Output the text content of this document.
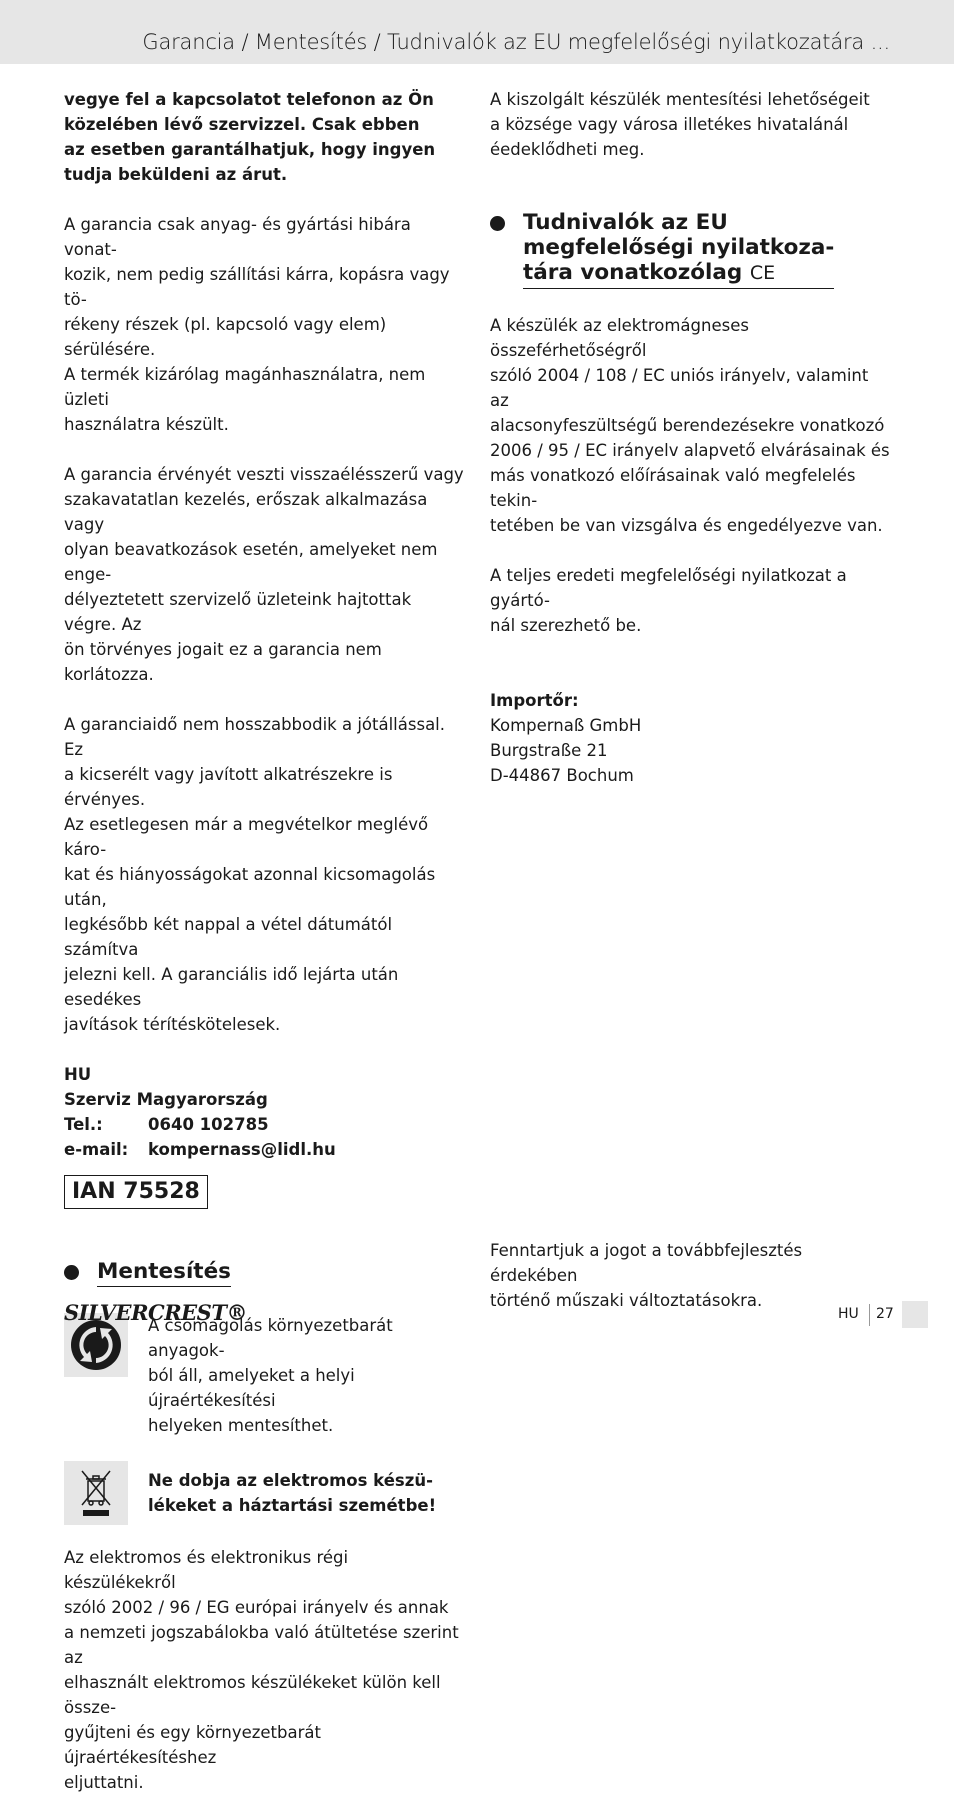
Garancia / Mentesítés / Tudnivalók az EU megfelelőségi nyilatkozatára ...

vegye fel a kapcsolatot telefonon az Ön

közelében lévő szervizzel. Csak ebben

az esetben garantálhatjuk, hogy ingyen

tudja beküldeni az árut.

A garancia csak anyag- és gyártási hibára vonat-

kozik, nem pedig szállítási kárra, kopásra vagy tö-

rékeny részek (pl. kapcsoló vagy elem) sérülésére.

A termék kizárólag magánhasználatra, nem üzleti

használatra készült.

A garancia érvényét veszti visszaélésszerű vagy

szakavatatlan kezelés, erőszak alkalmazása vagy

olyan beavatkozások esetén, amelyeket nem enge-

délyeztetett szervizelő üzleteink hajtottak végre. Az

ön törvényes jogait ez a garancia nem korlátozza.

A garanciaidő nem hosszabbodik a jótállással. Ez

a kicserélt vagy javított alkatrészekre is érvényes.

Az esetlegesen már a megvételkor meglévő káro-

kat és hiányosságokat azonnal kicsomagolás után,

legkésőbb két nappal a vétel dátumától számítva

jelezni kell. A garanciális idő lejárta után esedékes

javítások térítéskötelesek.

HU

Szerviz Magyarország

Tel.:	0640 102785
e-mail:	kompernass@lidl.hu
IAN 75528
Mentesítés

A csomagolás környezetbarát anyagok-

ból áll, amelyeket a helyi újraértékesítési

helyeken mentesíthet.

Ne dobja az elektromos készü-

lékeket a háztartási szemétbe!

Az elektromos és elektronikus régi készülékekről

szóló 2002 / 96 / EG európai irányelv és annak

a nemzeti jogszabálokba való átültetése szerint az

elhasznált elektromos készülékeket külön kell össze-

gyűjteni és egy környezetbarát újraértékesítéshez

eljuttatni.

A kiszolgált készülék mentesítési lehetőségeit

a községe vagy városa illetékes hivatalánál

éedeklődheti meg.

Tudnivalók az EU
megfelelőségi nyilatkoza-
tára vonatkozólag CE

A készülék az elektromágneses összeférhetőségről

szóló 2004 / 108 / EC uniós irányelv, valamint az

alacsonyfeszültségű berendezésekre vonatkozó

2006 / 95 / EC irányelv alapvető elvárásainak és

más vonatkozó előírásainak való megfelelés tekin-

tetében be van vizsgálva és engedélyezve van.

A teljes eredeti megfelelőségi nyilatkozat a gyártó-

nál szerezhető be.

Importőr:

Kompernaß GmbH

Burgstraße 21

D-44867 Bochum

Fenntartjuk a jogot a továbbfejlesztés érdekében

történő műszaki változtatásokra.

SILVERCREST®	HU 27
